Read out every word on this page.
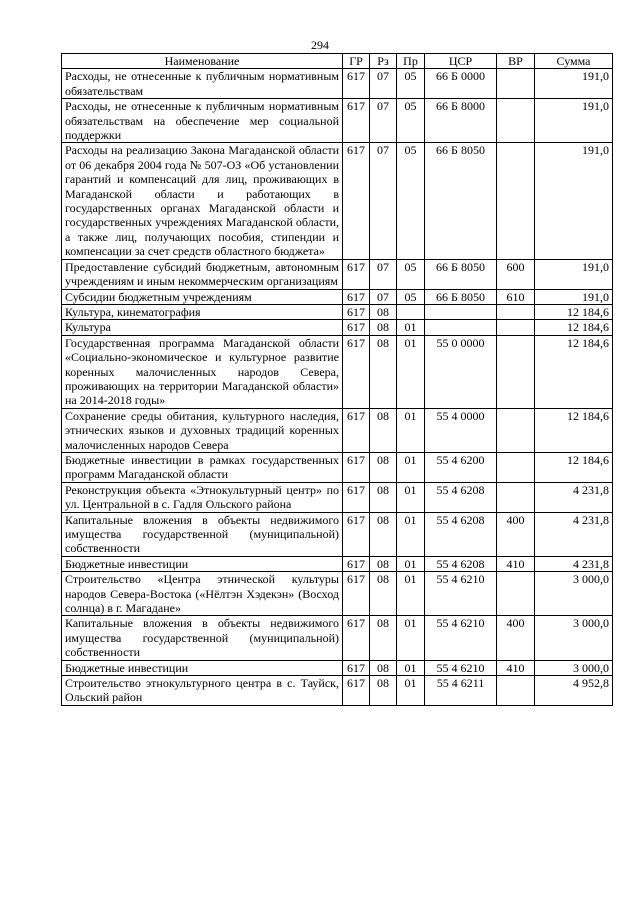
294
Наименование	ГР	Рз	Пр	ЦСР	ВР	Сумма
Расходы, не отнесенные к публичным нормативным обязательствам	617	07	05	66 Б 0000		191,0
Расходы, не отнесенные к публичным нормативным обязательствам на обеспечение мер социальной поддержки	617	07	05	66 Б 8000		191,0
Расходы на реализацию Закона Магаданской области от 06 декабря 2004 года № 507-ОЗ «Об установлении гарантий и компенсаций для лиц, проживающих в Магаданской области и работающих в государственных органах Магаданской области и государственных учреждениях Магаданской области, а также лиц, получающих пособия, стипендии и компенсации за счет средств областного бюджета»	617	07	05	66 Б 8050		191,0
Предоставление субсидий бюджетным, автономным учреждениям и иным некоммерческим организациям	617	07	05	66 Б 8050	600	191,0
Субсидии бюджетным учреждениям	617	07	05	66 Б 8050	610	191,0
Культура, кинематография	617	08				12 184,6
Культура	617	08	01			12 184,6
Государственная программа Магаданской области «Социально-экономическое и культурное развитие коренных малочисленных народов Севера, проживающих на территории Магаданской области» на 2014-2018 годы»	617	08	01	55 0 0000		12 184,6
Сохранение среды обитания, культурного наследия, этнических языков и духовных традиций коренных малочисленных народов Севера	617	08	01	55 4 0000		12 184,6
Бюджетные инвестиции в рамках государственных программ Магаданской области	617	08	01	55 4 6200		12 184,6
Реконструкция объекта «Этнокультурный центр» по ул. Центральной в с. Гадля Ольского района	617	08	01	55 4 6208		4 231,8
Капитальные вложения в объекты недвижимого имущества государственной (муниципальной) собственности	617	08	01	55 4 6208	400	4 231,8
Бюджетные инвестиции	617	08	01	55 4 6208	410	4 231,8
Строительство «Центра этнической культуры народов Севера-Востока («Нёлтэн Хэдекэн» (Восход солнца) в г. Магадане»	617	08	01	55 4 6210		3 000,0
Капитальные вложения в объекты недвижимого имущества государственной (муниципальной) собственности	617	08	01	55 4 6210	400	3 000,0
Бюджетные инвестиции	617	08	01	55 4 6210	410	3 000,0
Строительство этнокультурного центра в с. Тауйск, Ольский район	617	08	01	55 4 6211		4 952,8
